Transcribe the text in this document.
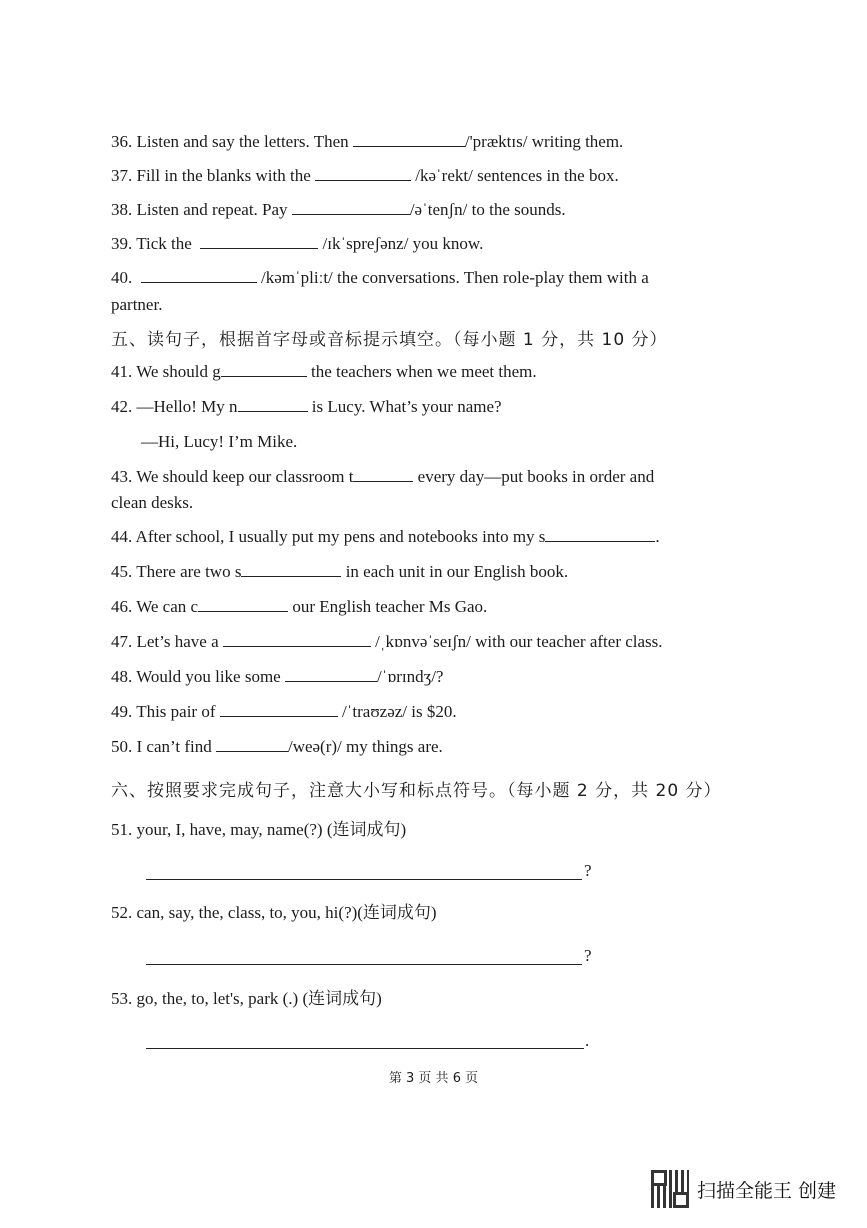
36. Listen and say the letters. Then	/'præktɪs/ writing them.
37. Fill in the blanks with the	/kəˈrekt/ sentences in the box.
38. Listen and repeat. Pay	/əˈtenʃn/ to the sounds.
39. Tick the	/ɪkˈspreʃənz/ you know.
40.	/kəmˈpliːt/ the conversations. Then role-play them with a
partner.
五、读句子，根据首字母或音标提示填空。（每小题 1 分，共 10 分）
41. We should g	the teachers when we meet them.
42. —Hello! My n	is Lucy. What’s your name?
—Hi, Lucy! I’m Mike.
43. We should keep our classroom t	every day—put books in order and
clean desks.
44. After school, I usually put my pens and notebooks into my s	.
45. There are two s	in each unit in our English book.
46. We can c	our English teacher Ms Gao.
47. Let’s have a	/ˌkɒnvəˈseɪʃn/ with our teacher after class.
48. Would you like some	/ˈɒrɪndʒ/?
49. This pair of	/ˈtraʊzəz/ is $20.
50. I can’t find	/weə(r)/ my things are.
六、按照要求完成句子，注意大小写和标点符号。（每小题 2 分，共 20 分）
51. your, I, have, may, name(?) (连词成句)
?
52. can, say, the, class, to, you, hi(?)(连词成句)
?
53. go, the, to, let's, park (.) (连词成句)
.
第 3 页 共 6 页
扫描全能王 创建
